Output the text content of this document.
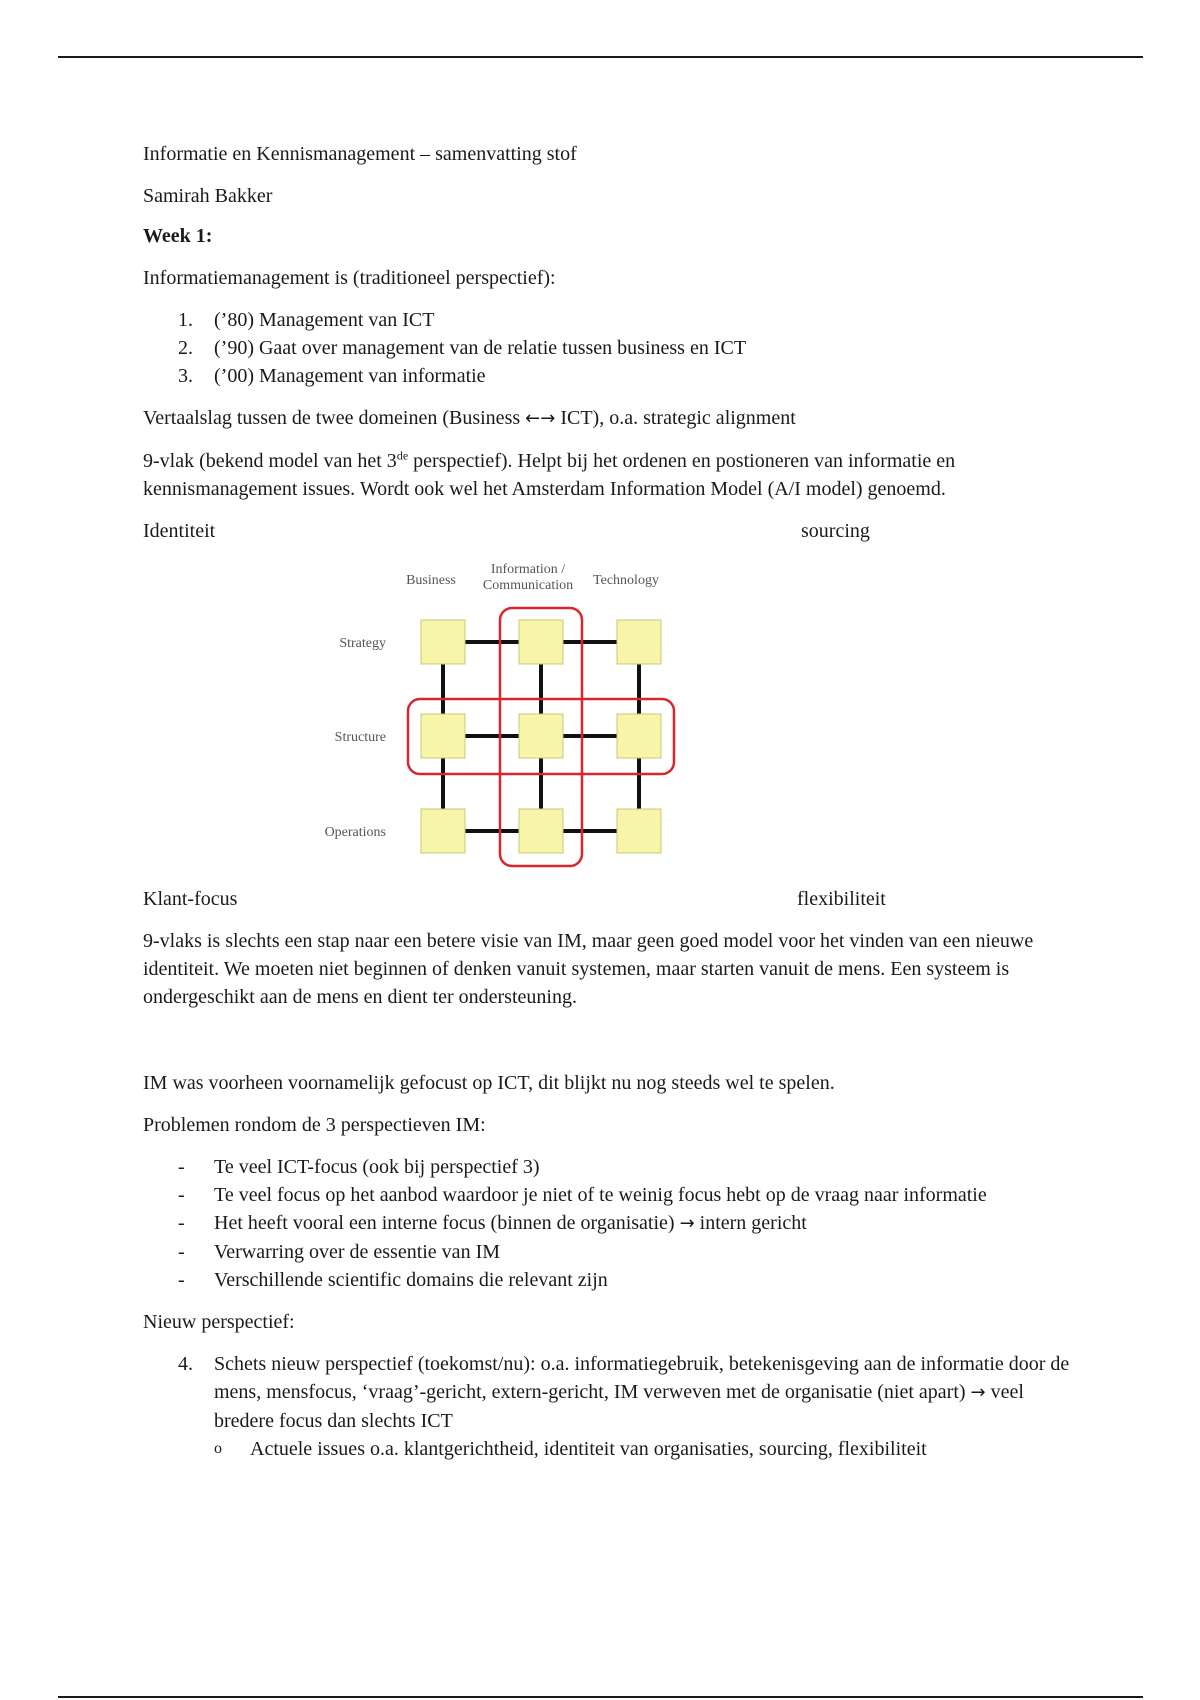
Informatie en Kennismanagement – samenvatting stof

Samirah Bakker

Week 1:

Informatiemanagement is (traditioneel perspectief):

1. (’80) Management van ICT
2. (’90) Gaat over management van de relatie tussen business en ICT
3. (’00) Management van informatie

Vertaalslag tussen de twee domeinen (Business ←→ ICT), o.a. strategic alignment

9-vlak (bekend model van het 3de perspectief). Helpt bij het ordenen en postioneren van informatie en kennismanagement issues. Wordt ook wel het Amsterdam Information Model (A/I model) genoemd.

Identiteit	sourcing
Business
Information /
Communication Technology
Strategy
Structure
Operations
Klant-focus	flexibiliteit

9-vlaks is slechts een stap naar een betere visie van IM, maar geen goed model voor het vinden van een nieuwe identiteit. We moeten niet beginnen of denken vanuit systemen, maar starten vanuit de mens. Een systeem is ondergeschikt aan de mens en dient ter ondersteuning.

IM was voorheen voornamelijk gefocust op ICT, dit blijkt nu nog steeds wel te spelen.

Problemen rondom de 3 perspectieven IM:

- Te veel ICT-focus (ook bij perspectief 3)
- Te veel focus op het aanbod waardoor je niet of te weinig focus hebt op de vraag naar informatie
- Het heeft vooral een interne focus (binnen de organisatie) → intern gericht
- Verwarring over de essentie van IM
- Verschillende scientific domains die relevant zijn

Nieuw perspectief:

4. Schets nieuw perspectief (toekomst/nu): o.a. informatiegebruik, betekenisgeving aan de informatie door de mens, mensfocus, ‘vraag’-gericht, extern-gericht, IM verweven met de organisatie (niet apart) → veel bredere focus dan slechts ICT
o Actuele issues o.a. klantgerichtheid, identiteit van organisaties, sourcing, flexibiliteit
